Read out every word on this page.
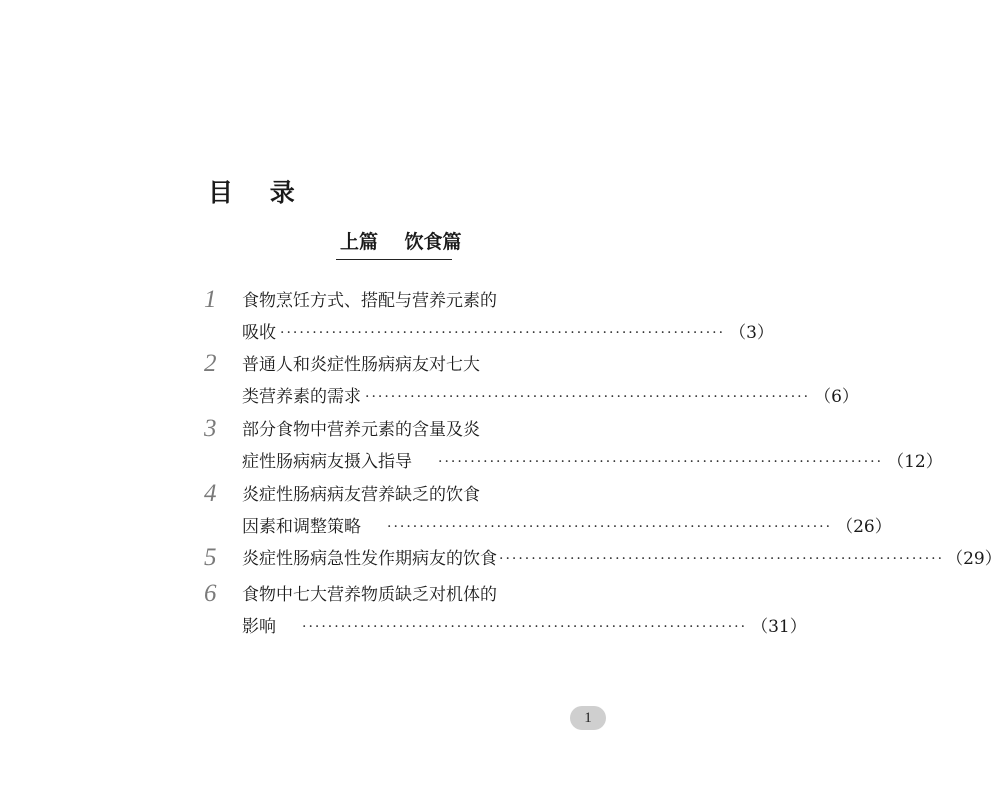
目 录
上篇    饮食篇
1 食物烹饪方式、搭配与营养元素的
吸收 ····································································· （3）
2 普通人和炎症性肠病病友对七大
类营养素的需求 ····································································· （6）
3 部分食物中营养元素的含量及炎
症性肠病病友摄入指导 ····································································· （12）
4 炎症性肠病病友营养缺乏的饮食
因素和调整策略 ····································································· （26）
5 炎症性肠病急性发作期病友的饮食 ····································································· （29）
6 食物中七大营养物质缺乏对机体的
影响 ····································································· （31）
1
